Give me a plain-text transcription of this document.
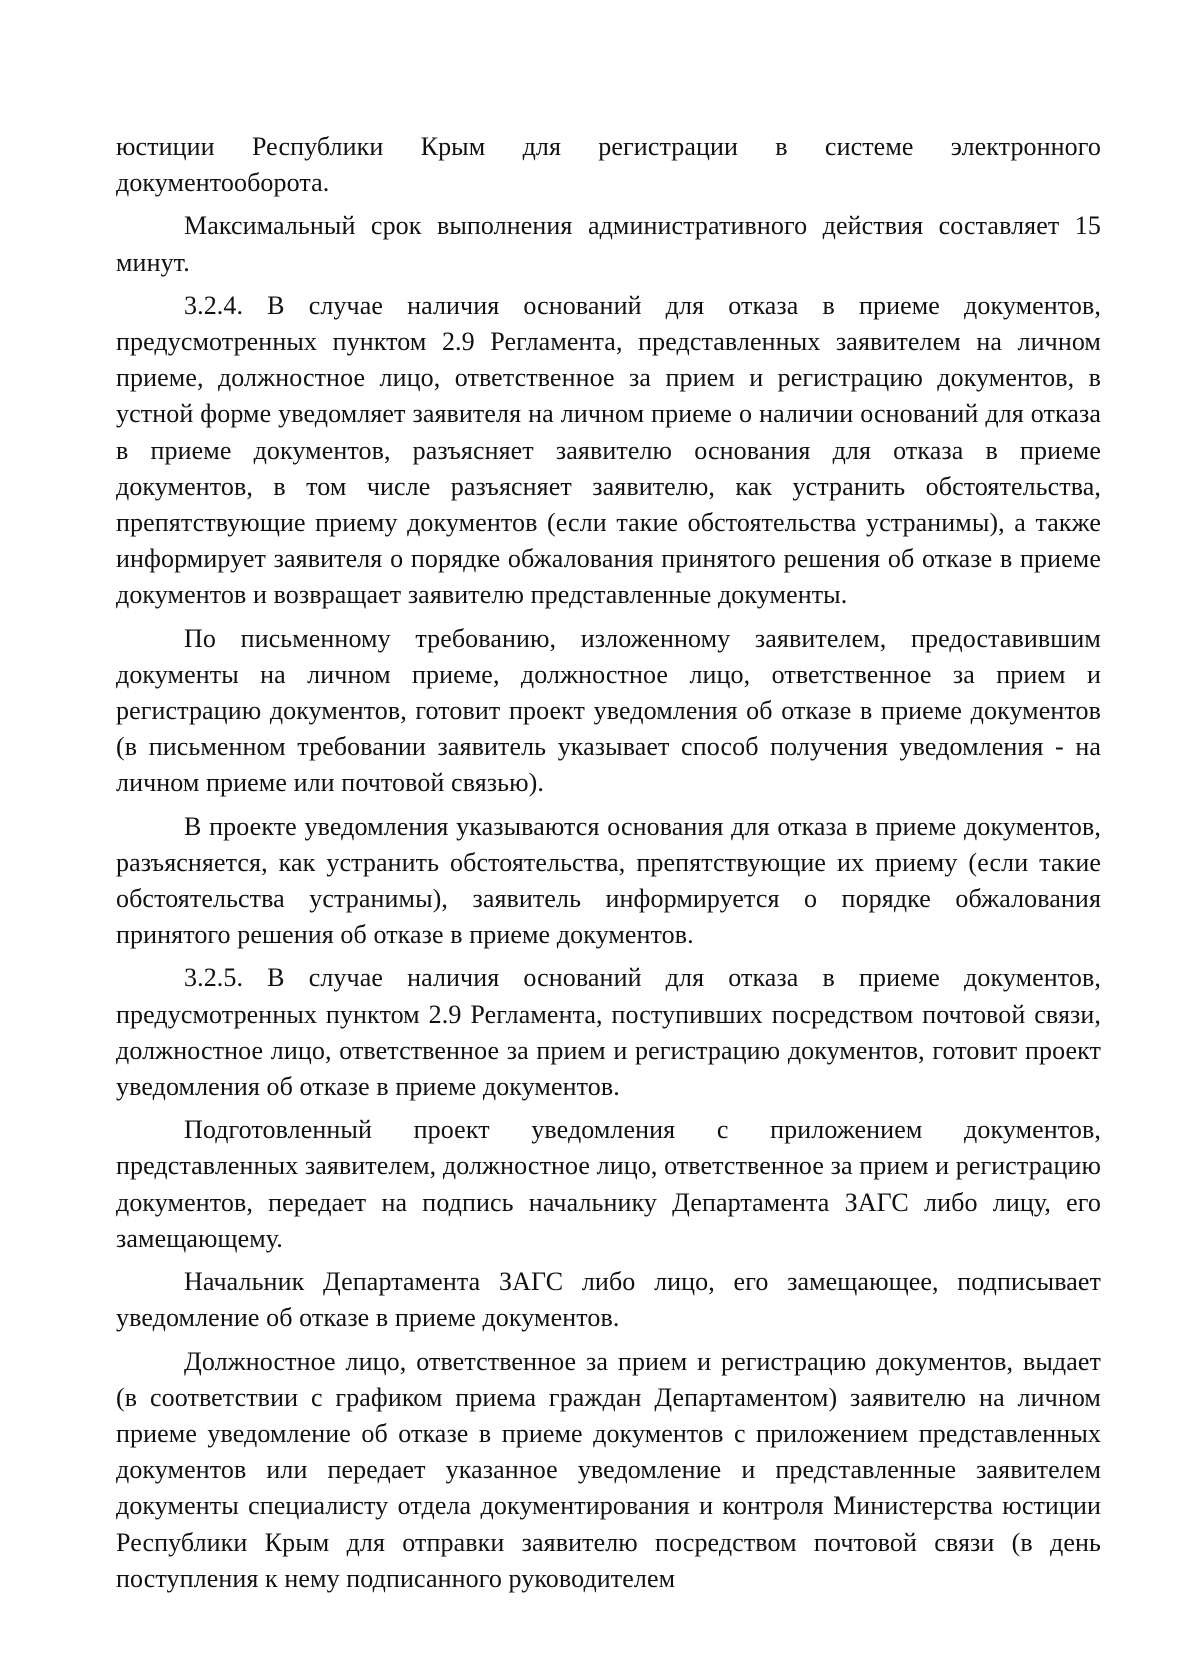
юстиции Республики Крым для регистрации в системе электронного документооборота.

Максимальный срок выполнения административного действия составляет 15 минут.

3.2.4. В случае наличия оснований для отказа в приеме документов, предусмотренных пунктом 2.9 Регламента, представленных заявителем на личном приеме, должностное лицо, ответственное за прием и регистрацию документов, в устной форме уведомляет заявителя на личном приеме о наличии оснований для отказа в приеме документов, разъясняет заявителю основания для отказа в приеме документов, в том числе разъясняет заявителю, как устранить обстоятельства, препятствующие приему документов (если такие обстоятельства устранимы), а также информирует заявителя о порядке обжалования принятого решения об отказе в приеме документов и возвращает заявителю представленные документы.

По письменному требованию, изложенному заявителем, предоставившим документы на личном приеме, должностное лицо, ответственное за прием и регистрацию документов, готовит проект уведомления об отказе в приеме документов (в письменном требовании заявитель указывает способ получения уведомления - на личном приеме или почтовой связью).

В проекте уведомления указываются основания для отказа в приеме документов, разъясняется, как устранить обстоятельства, препятствующие их приему (если такие обстоятельства устранимы), заявитель информируется о порядке обжалования принятого решения об отказе в приеме документов.

3.2.5. В случае наличия оснований для отказа в приеме документов, предусмотренных пунктом 2.9 Регламента, поступивших посредством почтовой связи, должностное лицо, ответственное за прием и регистрацию документов, готовит проект уведомления об отказе в приеме документов.

Подготовленный проект уведомления с приложением документов, представленных заявителем, должностное лицо, ответственное за прием и регистрацию документов, передает на подпись начальнику Департамента ЗАГС либо лицу, его замещающему.

Начальник Департамента ЗАГС либо лицо, его замещающее, подписывает уведомление об отказе в приеме документов.

Должностное лицо, ответственное за прием и регистрацию документов, выдает (в соответствии с графиком приема граждан Департаментом) заявителю на личном приеме уведомление об отказе в приеме документов с приложением представленных документов или передает указанное уведомление и представленные заявителем документы специалисту отдела документирования и контроля Министерства юстиции Республики Крым для отправки заявителю посредством почтовой связи (в день поступления к нему подписанного руководителем
